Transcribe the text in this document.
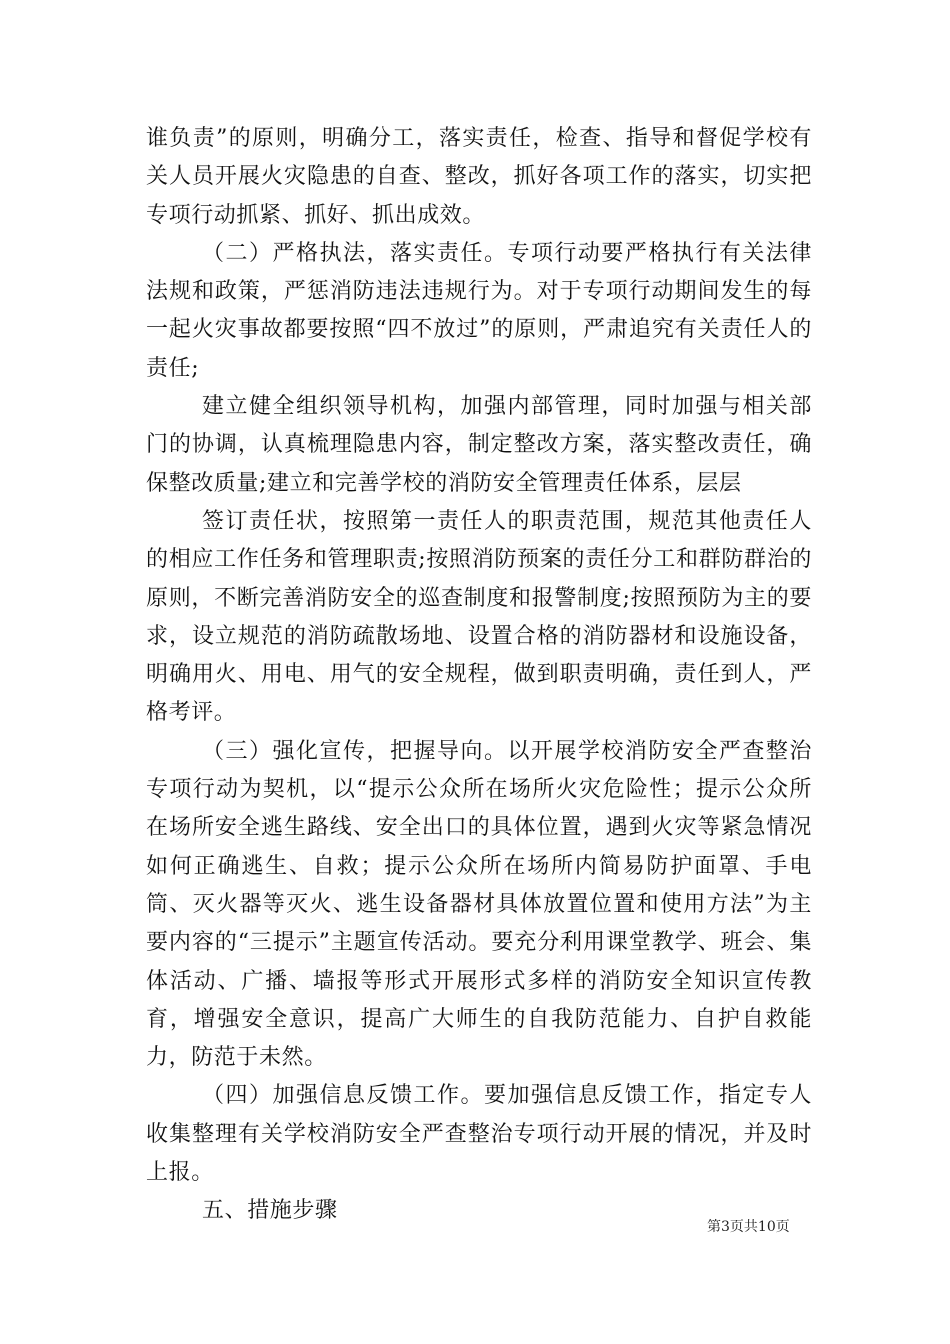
谁负责”的原则，明确分工，落实责任，检查、指导和督促学校有关人员开展火灾隐患的自查、整改，抓好各项工作的落实，切实把专项行动抓紧、抓好、抓出成效。

（二）严格执法，落实责任。专项行动要严格执行有关法律法规和政策，严惩消防违法违规行为。对于专项行动期间发生的每一起火灾事故都要按照“四不放过”的原则，严肃追究有关责任人的责任;

建立健全组织领导机构，加强内部管理，同时加强与相关部门的协调，认真梳理隐患内容，制定整改方案，落实整改责任，确保整改质量;建立和完善学校的消防安全管理责任体系，层层

签订责任状，按照第一责任人的职责范围，规范其他责任人的相应工作任务和管理职责;按照消防预案的责任分工和群防群治的原则，不断完善消防安全的巡查制度和报警制度;按照预防为主的要求，设立规范的消防疏散场地、设置合格的消防器材和设施设备，明确用火、用电、用气的安全规程，做到职责明确，责任到人，严格考评。

（三）强化宣传，把握导向。以开展学校消防安全严查整治专项行动为契机，以“提示公众所在场所火灾危险性；提示公众所在场所安全逃生路线、安全出口的具体位置，遇到火灾等紧急情况如何正确逃生、自救；提示公众所在场所内简易防护面罩、手电筒、灭火器等灭火、逃生设备器材具体放置位置和使用方法”为主要内容的“三提示”主题宣传活动。要充分利用课堂教学、班会、集体活动、广播、墙报等形式开展形式多样的消防安全知识宣传教育，增强安全意识，提高广大师生的自我防范能力、自护自救能力，防范于未然。

（四）加强信息反馈工作。要加强信息反馈工作，指定专人收集整理有关学校消防安全严查整治专项行动开展的情况，并及时上报。

五、措施步骤

第3页共10页
